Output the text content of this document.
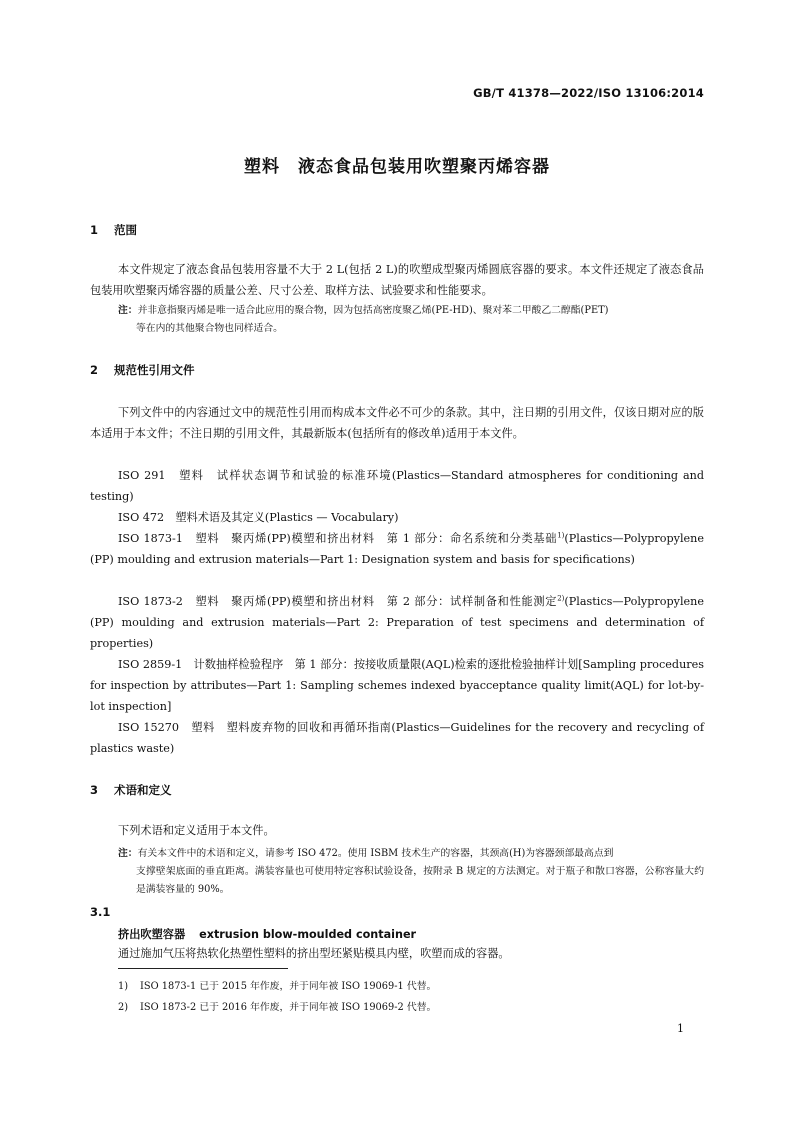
GB/T 41378—2022/ISO 13106:2014
塑料　液态食品包装用吹塑聚丙烯容器
1 范围
本文件规定了液态食品包装用容量不大于 2 L(包括 2 L)的吹塑成型聚丙烯圆底容器的要求。本文件还规定了液态食品包装用吹塑聚丙烯容器的质量公差、尺寸公差、取样方法、试验要求和性能要求。
注：并非意指聚丙烯是唯一适合此应用的聚合物，因为包括高密度聚乙烯(PE-HD)、聚对苯二甲酸乙二醇酯(PET)
等在内的其他聚合物也同样适合。
2 规范性引用文件
下列文件中的内容通过文中的规范性引用而构成本文件必不可少的条款。其中，注日期的引用文件，仅该日期对应的版本适用于本文件；不注日期的引用文件，其最新版本(包括所有的修改单)适用于本文件。
ISO 291　塑料　试样状态调节和试验的标准环境(Plastics—Standard atmospheres for conditioning and testing)
ISO 472　塑料术语及其定义(Plastics — Vocabulary)
ISO 1873-1　塑料　聚丙烯(PP)模塑和挤出材料　第 1 部分：命名系统和分类基础$^{1)}$(Plastics—Polypropylene (PP) moulding and extrusion materials—Part 1: Designation system and basis for specifications)
ISO 1873-2　塑料　聚丙烯(PP)模塑和挤出材料　第 2 部分：试样制备和性能测定$^{2)}$(Plastics—Polypropylene (PP) moulding and extrusion materials—Part 2: Preparation of test specimens and determination of properties)
ISO 2859-1　计数抽样检验程序　第 1 部分：按接收质量限(AQL)检索的逐批检验抽样计划[Sampling procedures for inspection by attributes—Part 1: Sampling schemes indexed byacceptance quality limit(AQL) for lot-by-lot inspection]
ISO 15270　塑料　塑料废弃物的回收和再循环指南(Plastics—Guidelines for the recovery and recycling of plastics waste)
3 术语和定义
下列术语和定义适用于本文件。
注：有关本文件中的术语和定义，请参考 ISO 472。使用 ISBM 技术生产的容器，其颈高(H)为容器颈部最高点到
支撑壁架底面的垂直距离。满装容量也可使用特定容积试验设备，按附录 B 规定的方法测定。对于瓶子和散口容器，公称容量大约是满装容量的 90%。
3.1
挤出吹塑容器 extrusion blow-moulded container
通过施加气压将热软化热塑性塑料的挤出型坯紧贴模具内壁，吹塑而成的容器。
1) ISO 1873-1 已于 2015 年作废，并于同年被 ISO 19069-1 代替。
2) ISO 1873-2 已于 2016 年作废，并于同年被 ISO 19069-2 代替。
1
